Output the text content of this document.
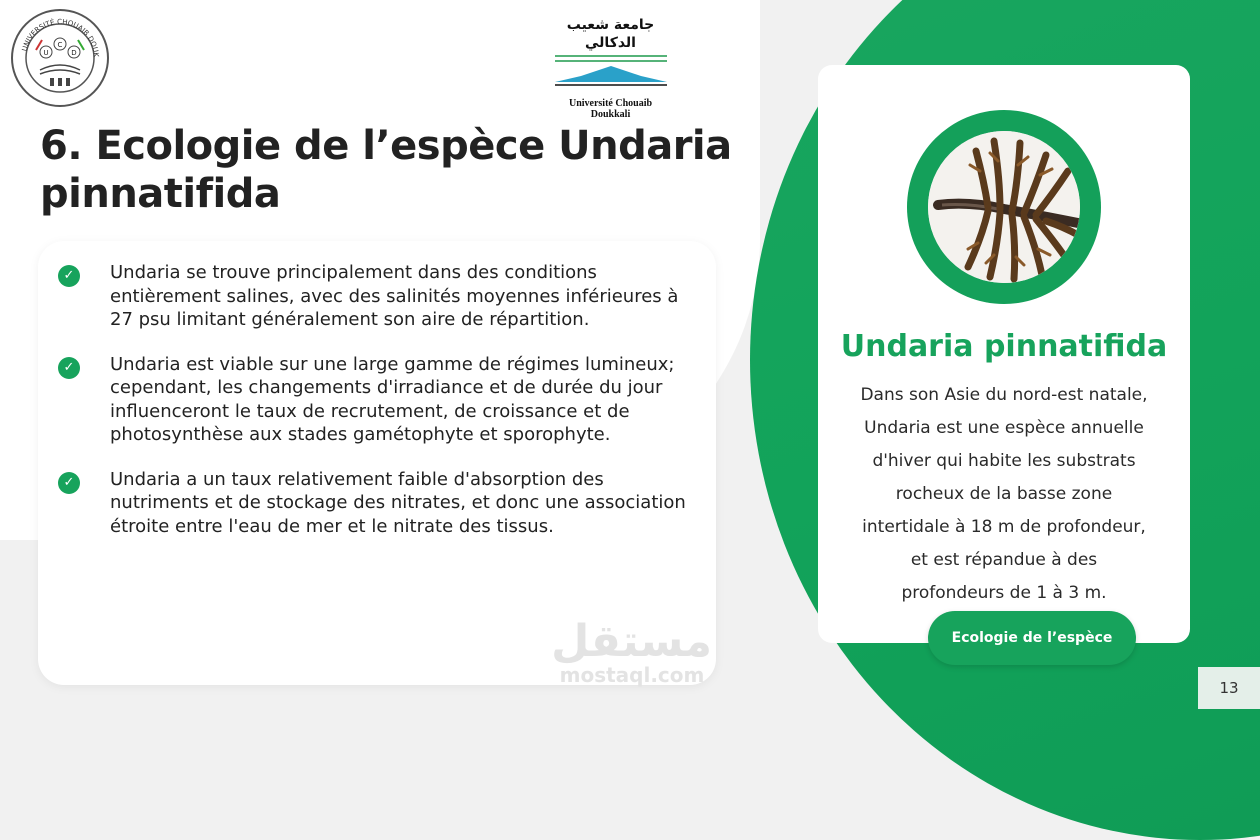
UNIVERSITÉ CHOUAIB DOUK
C
U	D
جامعة شعيب الدكالي
Université Chouaib Doukkali
6. Ecologie de l’espèce Undaria pinnatifida
✓	Undaria se trouve principalement dans des conditions entièrement salines, avec des salinités moyennes inférieures à 27 psu limitant généralement son aire de répartition.
✓	Undaria est viable sur une large gamme de régimes lumineux; cependant, les changements d'irradiance et de durée du jour influenceront le taux de recrutement, de croissance et de photosynthèse aux stades gamétophyte et sporophyte.
✓	Undaria a un taux relativement faible d'absorption des nutriments et de stockage des nitrates, et donc une association étroite entre l'eau de mer et le nitrate des tissus.
مستقل
mostaql.com
Undaria pinnatifida

Dans son Asie du nord-est natale, Undaria est une espèce annuelle d'hiver qui habite les substrats rocheux de la basse zone intertidale à 18 m de profondeur, et est répandue à des profondeurs de 1 à 3 m.

Ecologie de l’espèce
13
